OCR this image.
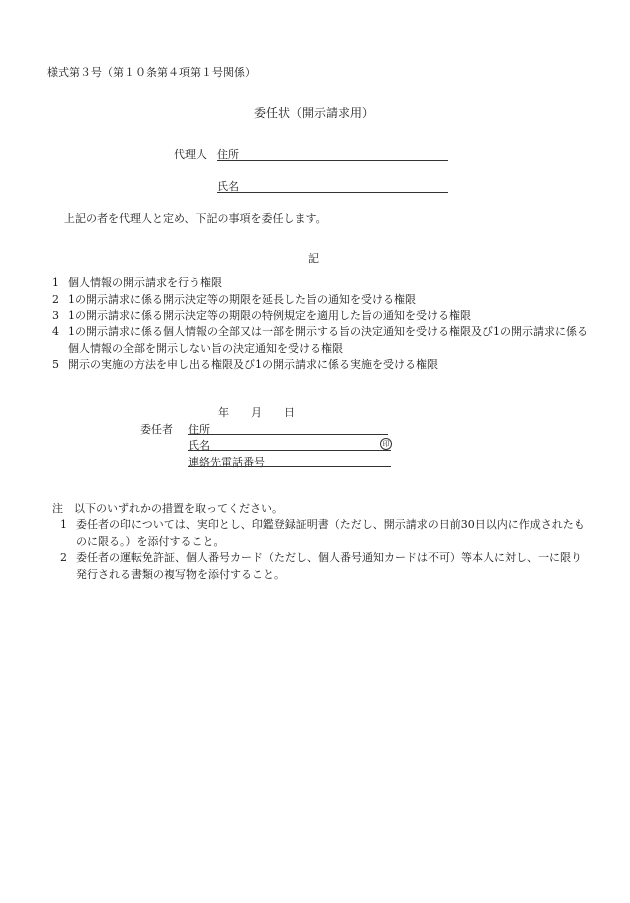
様式第３号（第１０条第４項第１号関係）
委任状（開示請求用）
代理人 住所
氏名
上記の者を代理人と定め、下記の事項を委任します。
記
1 個人情報の開示請求を行う権限
2 1の開示請求に係る開示決定等の期限を延長した旨の通知を受ける権限
3 1の開示請求に係る開示決定等の期限の特例規定を適用した旨の通知を受ける権限
4 1の開示請求に係る個人情報の全部又は一部を開示する旨の決定通知を受ける権限及び1の開示請求に係る個人情報の全部を開示しない旨の決定通知を受ける権限
5 開示の実施の方法を申し出る権限及び1の開示請求に係る実施を受ける権限
年　　月　　日
委任者 住所
氏名	印
連絡先電話番号
注　以下のいずれかの措置を取ってください。
1 委任者の印については、実印とし、印鑑登録証明書（ただし、開示請求の日前30日以内に作成されたものに限る。）を添付すること。
2 委任者の運転免許証、個人番号カード（ただし、個人番号通知カードは不可）等本人に対し、一に限り発行される書類の複写物を添付すること。
